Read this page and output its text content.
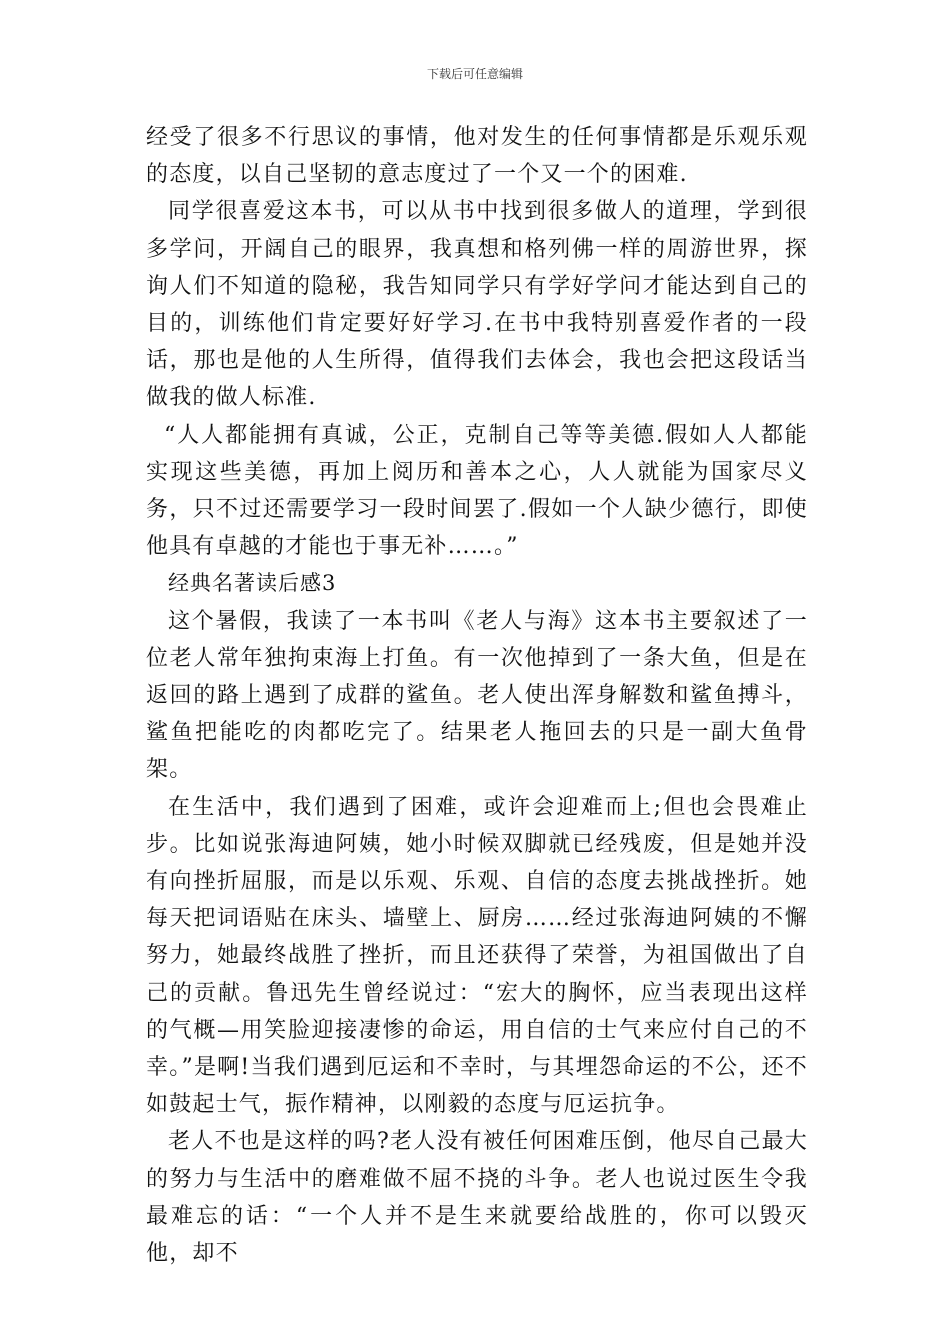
下载后可任意编辑

经受了很多不行思议的事情，他对发生的任何事情都是乐观乐观的态度，以自己坚韧的意志度过了一个又一个的困难.

同学很喜爱这本书，可以从书中找到很多做人的道理，学到很多学问，开阔自己的眼界，我真想和格列佛一样的周游世界，探询人们不知道的隐秘，我告知同学只有学好学问才能达到自己的目的，训练他们肯定要好好学习.在书中我特别喜爱作者的一段话，那也是他的人生所得，值得我们去体会，我也会把这段话当做我的做人标准.

“人人都能拥有真诚，公正，克制自己等等美德.假如人人都能实现这些美德，再加上阅历和善本之心，人人就能为国家尽义务，只不过还需要学习一段时间罢了.假如一个人缺少德行，即使他具有卓越的才能也于事无补……。”

经典名著读后感3

这个暑假，我读了一本书叫《老人与海》这本书主要叙述了一位老人常年独拘束海上打鱼。有一次他掉到了一条大鱼，但是在返回的路上遇到了成群的鲨鱼。老人使出浑身解数和鲨鱼搏斗，鲨鱼把能吃的肉都吃完了。结果老人拖回去的只是一副大鱼骨架。

在生活中，我们遇到了困难，或许会迎难而上;但也会畏难止步。比如说张海迪阿姨，她小时候双脚就已经残废，但是她并没有向挫折屈服，而是以乐观、乐观、自信的态度去挑战挫折。她每天把词语贴在床头、墙壁上、厨房……经过张海迪阿姨的不懈努力，她最终战胜了挫折，而且还获得了荣誉，为祖国做出了自己的贡献。鲁迅先生曾经说过：“宏大的胸怀，应当表现出这样的气概—用笑脸迎接凄惨的命运，用自信的士气来应付自己的不幸。”是啊!当我们遇到厄运和不幸时，与其埋怨命运的不公，还不如鼓起士气，振作精神，以刚毅的态度与厄运抗争。

老人不也是这样的吗?老人没有被任何困难压倒，他尽自己最大的努力与生活中的磨难做不屈不挠的斗争。老人也说过医生令我最难忘的话：“一个人并不是生来就要给战胜的，你可以毁灭他，却不
